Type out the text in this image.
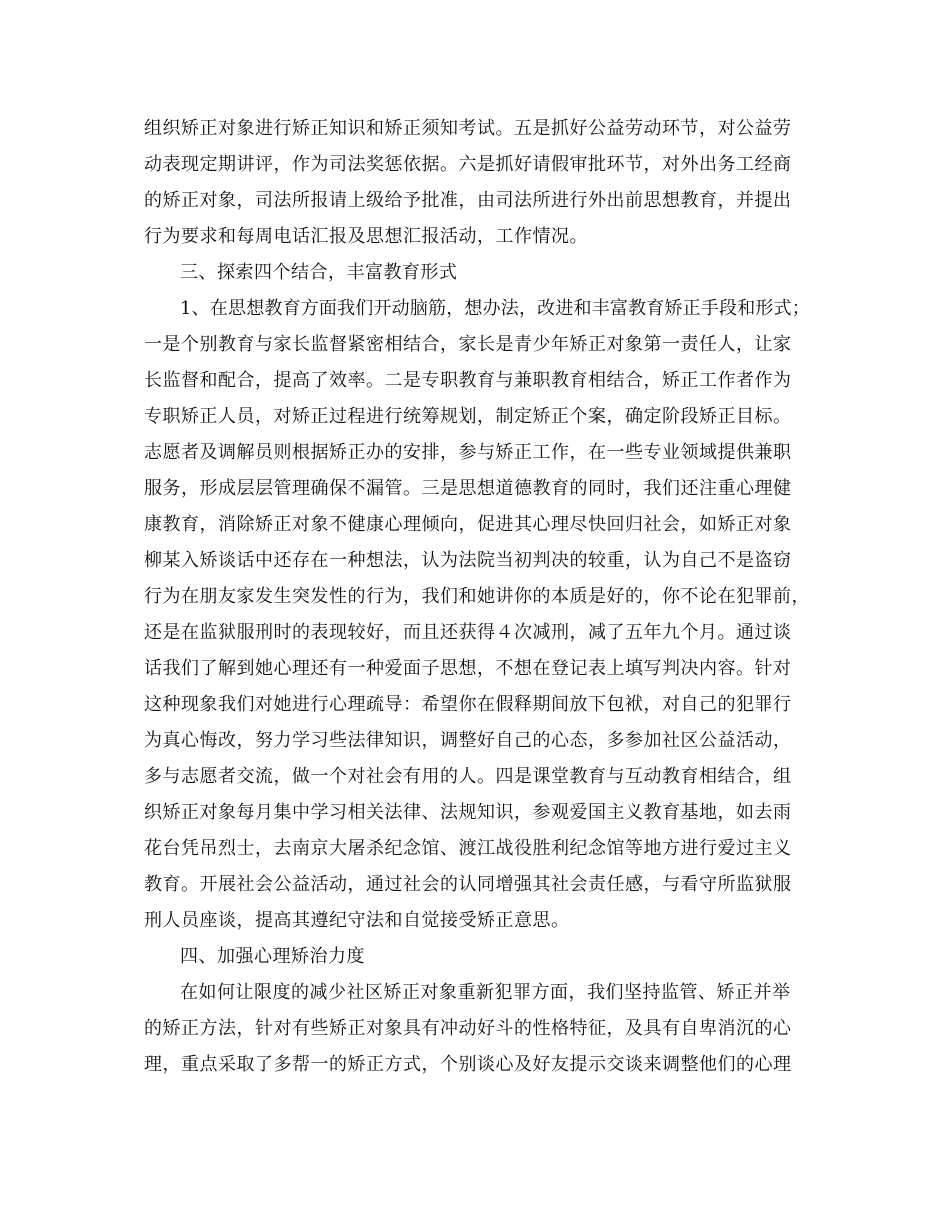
组织矫正对象进行矫正知识和矫正须知考试。五是抓好公益劳动环节，对公益劳
动表现定期讲评，作为司法奖惩依据。六是抓好请假审批环节，对外出务工经商
的矫正对象，司法所报请上级给予批准，由司法所进行外出前思想教育，并提出
行为要求和每周电话汇报及思想汇报活动，工作情况。
三、探索四个结合，丰富教育形式
1、在思想教育方面我们开动脑筋，想办法，改进和丰富教育矫正手段和形式；
一是个别教育与家长监督紧密相结合，家长是青少年矫正对象第一责任人，让家
长监督和配合，提高了效率。二是专职教育与兼职教育相结合，矫正工作者作为
专职矫正人员，对矫正过程进行统筹规划，制定矫正个案，确定阶段矫正目标。
志愿者及调解员则根据矫正办的安排，参与矫正工作，在一些专业领域提供兼职
服务，形成层层管理确保不漏管。三是思想道德教育的同时，我们还注重心理健
康教育，消除矫正对象不健康心理倾向，促进其心理尽快回归社会，如矫正对象
柳某入矫谈话中还存在一种想法，认为法院当初判决的较重，认为自己不是盗窃
行为在朋友家发生突发性的行为，我们和她讲你的本质是好的，你不论在犯罪前，
还是在监狱服刑时的表现较好，而且还获得４次减刑，减了五年九个月。通过谈
话我们了解到她心理还有一种爱面子思想，不想在登记表上填写判决内容。针对
这种现象我们对她进行心理疏导：希望你在假释期间放下包袱，对自己的犯罪行
为真心悔改，努力学习些法律知识，调整好自己的心态，多参加社区公益活动，
多与志愿者交流，做一个对社会有用的人。四是课堂教育与互动教育相结合，组
织矫正对象每月集中学习相关法律、法规知识，参观爱国主义教育基地，如去雨
花台凭吊烈士，去南京大屠杀纪念馆、渡江战役胜利纪念馆等地方进行爱过主义
教育。开展社会公益活动，通过社会的认同增强其社会责任感，与看守所监狱服
刑人员座谈，提高其遵纪守法和自觉接受矫正意思。
四、加强心理矫治力度
在如何让限度的减少社区矫正对象重新犯罪方面，我们坚持监管、矫正并举
的矫正方法，针对有些矫正对象具有冲动好斗的性格特征，及具有自卑消沉的心
理，重点采取了多帮一的矫正方式，个别谈心及好友提示交谈来调整他们的心理
